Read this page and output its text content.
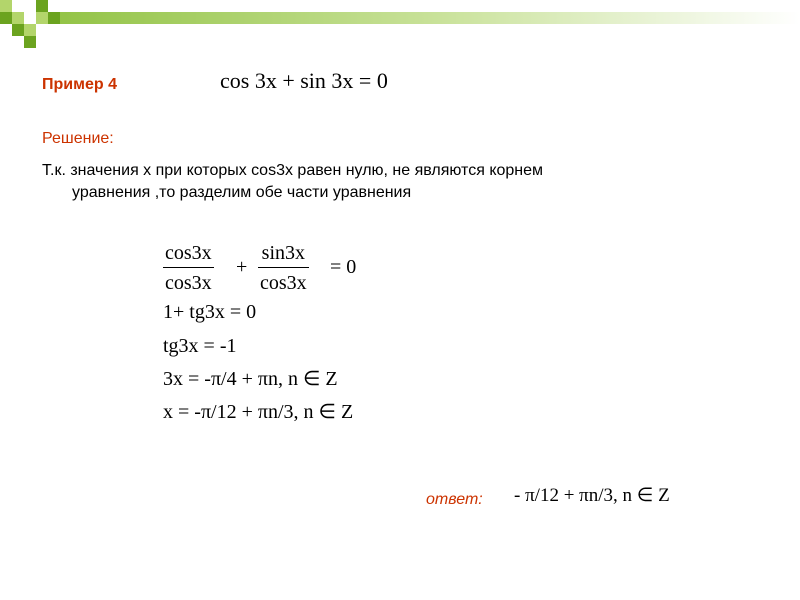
Пример 4	cos 3x + sin 3x = 0
Решение:
Т.к. значения х при которых cos3x равен нулю, не являются корнем
уравнения ,то разделим обе части уравнения
cos3x
cos3x
+
sin3x
cos3x
= 0
1+ tg3x = 0
tg3x = -1
3x = -π/4 + πn, n ∈ Z
x = -π/12 + πn/3, n ∈ Z
ответ: - π/12 + πn/3, n ∈ Z
